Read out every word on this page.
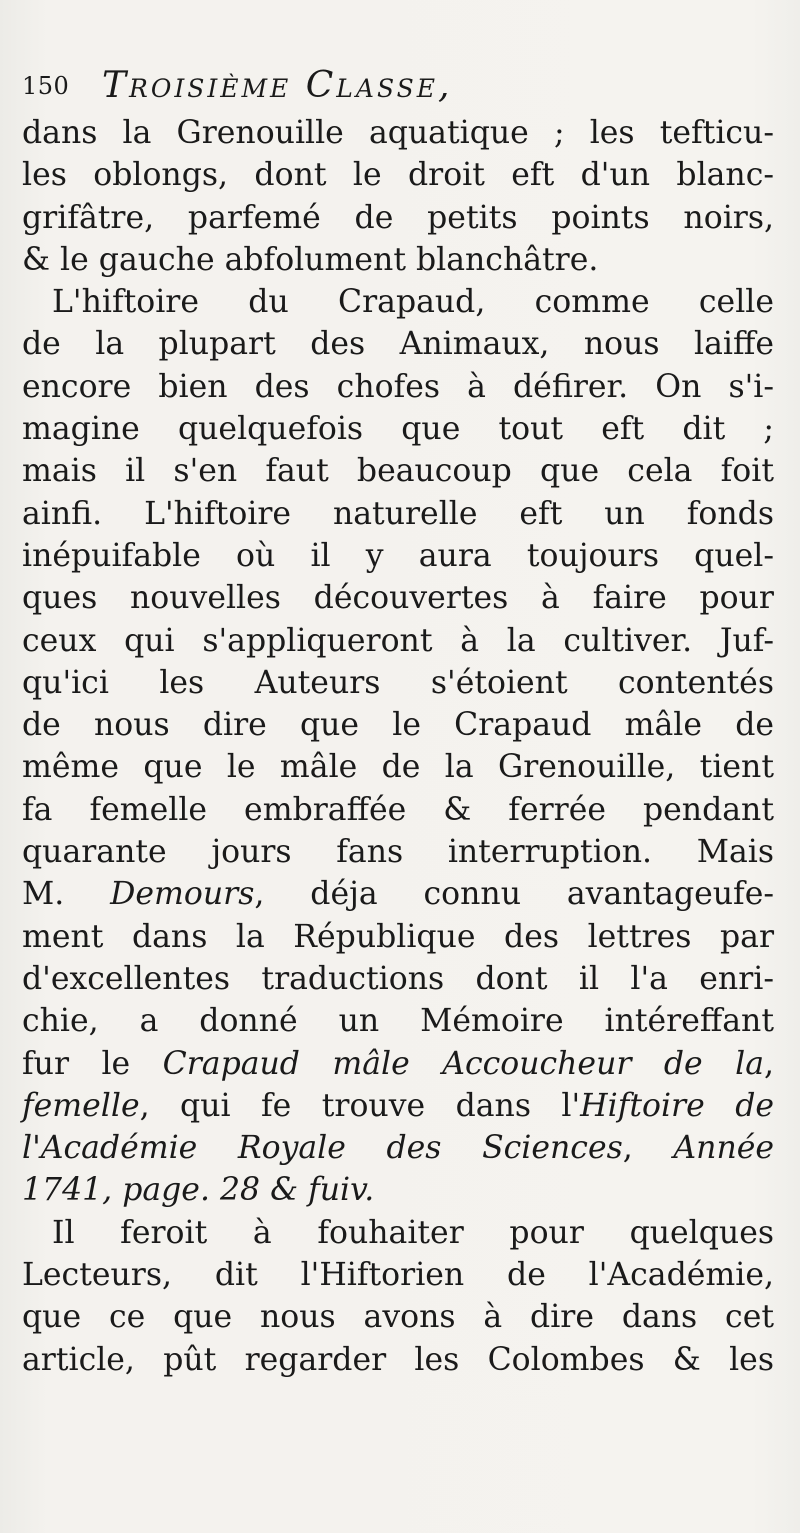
150 Troisième Classe,
dans la Grenouille aquatique ; les tefticu-
les oblongs, dont le droit eft d'un blanc-
grifâtre, parfemé de petits points noirs,
& le gauche abfolument blanchâtre.
L'hiftoire du Crapaud, comme celle
de la plupart des Animaux, nous laiffe
encore bien des chofes à défirer. On s'i-
magine quelquefois que tout eft dit ;
mais il s'en faut beaucoup que cela foit
ainfi. L'hiftoire naturelle eft un fonds
inépuifable où il y aura toujours quel-
ques nouvelles découvertes à faire pour
ceux qui s'appliqueront à la cultiver. Juf-
qu'ici les Auteurs s'étoient contentés
de nous dire que le Crapaud mâle de
même que le mâle de la Grenouille, tient
fa femelle embraffée & ferrée pendant
quarante jours fans interruption. Mais
M. Demours, déja connu avantageufe-
ment dans la République des lettres par
d'excellentes traductions dont il l'a enri-
chie, a donné un Mémoire intéreffant
fur le Crapaud mâle Accoucheur de la,
femelle, qui fe trouve dans l'Hiftoire de
l'Académie Royale des Sciences, Année
1741, page. 28 & fuiv.
Il feroit à fouhaiter pour quelques
Lecteurs, dit l'Hiftorien de l'Académie,
que ce que nous avons à dire dans cet
article, pût regarder les Colombes & les
